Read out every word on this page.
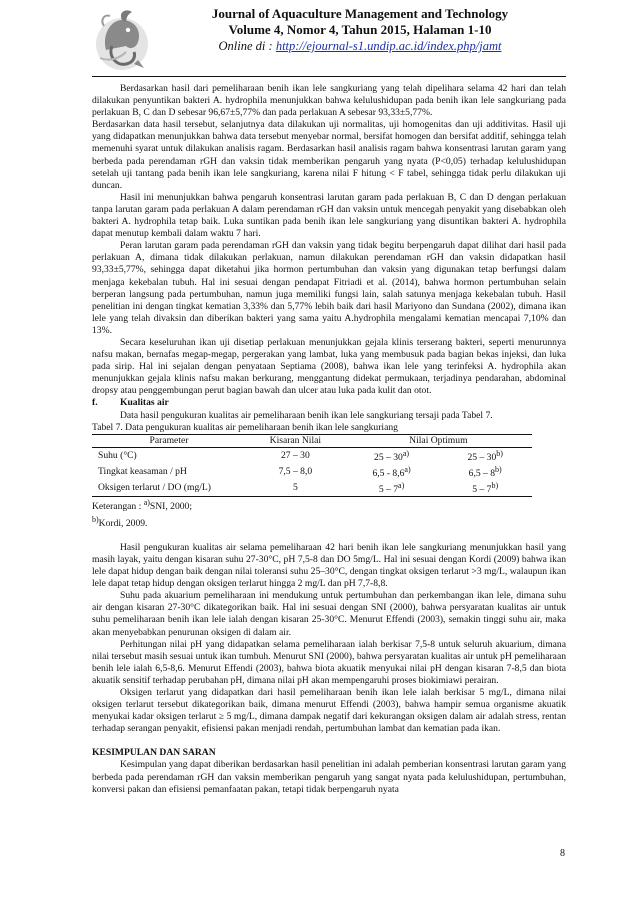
Journal of Aquaculture Management and Technology
Volume 4, Nomor 4, Tahun 2015, Halaman 1-10
Online di : http://ejournal-s1.undip.ac.id/index.php/jamt

Berdasarkan hasil dari pemeliharaan benih ikan lele sangkuriang yang telah dipelihara selama 42 hari dan telah dilakukan penyuntikan bakteri A. hydrophila menunjukkan bahwa kelulushidupan pada benih ikan lele sangkuriang pada perlakuan B, C dan D sebesar 96,67±5,77% dan pada perlakuan A sebesar 93,33±5,77%.

Berdasarkan data hasil tersebut, selanjutnya data dilakukan uji normalitas, uji homogenitas dan uji additivitas. Hasil uji yang didapatkan menunjukkan bahwa data tersebut menyebar normal, bersifat homogen dan bersifat additif, sehingga telah memenuhi syarat untuk dilakukan analisis ragam. Berdasarkan hasil analisis ragam bahwa konsentrasi larutan garam yang berbeda pada perendaman rGH dan vaksin tidak memberikan pengaruh yang nyata (P<0,05) terhadap kelulushidupan setelah uji tantang pada benih ikan lele sangkuriang, karena nilai F hitung < F tabel, sehingga tidak perlu dilakukan uji duncan.

Hasil ini menunjukkan bahwa pengaruh konsentrasi larutan garam pada perlakuan B, C dan D dengan perlakuan tanpa larutan garam pada perlakuan A dalam perendaman rGH dan vaksin untuk mencegah penyakit yang disebabkan oleh bakteri A. hydrophila tetap baik. Luka suntikan pada benih ikan lele sangkuriang yang disuntikan bakteri A. hydrophila dapat menutup kembali dalam waktu 7 hari.

Peran larutan garam pada perendaman rGH dan vaksin yang tidak begitu berpengaruh dapat dilihat dari hasil pada perlakuan A, dimana tidak dilakukan perlakuan, namun dilakukan perendaman rGH dan vaksin didapatkan hasil 93,33±5,77%, sehingga dapat diketahui jika hormon pertumbuhan dan vaksin yang digunakan tetap berfungsi dalam menjaga kekebalan tubuh. Hal ini sesuai dengan pendapat Fitriadi et al. (2014), bahwa hormon pertumbuhan selain berperan langsung pada pertumbuhan, namun juga memiliki fungsi lain, salah satunya menjaga kekebalan tubuh. Hasil penelitian ini dengan tingkat kematian 3,33% dan 5,77% lebih baik dari hasil Mariyono dan Sundana (2002), dimana ikan lele yang telah divaksin dan diberikan bakteri yang sama yaitu A.hydrophila mengalami kematian mencapai 7,10% dan 13%.

Secara keseluruhan ikan uji disetiap perlakuan menunjukkan gejala klinis terserang bakteri, seperti menurunnya nafsu makan, bernafas megap-megap, pergerakan yang lambat, luka yang membusuk pada bagian bekas injeksi, dan luka pada sirip. Hal ini sejalan dengan penyataan Septiama (2008), bahwa ikan lele yang terinfeksi A. hydrophila akan menunjukkan gejala klinis nafsu makan berkurang, menggantung didekat permukaan, terjadinya pendarahan, abdominal dropsy atau penggembungan perut bagian bawah dan ulcer atau luka pada kulit dan otot.

f. Kualitas air

Data hasil pengukuran kualitas air pemeliharaan benih ikan lele sangkuriang tersaji pada Tabel 7.

Tabel 7. Data pengukuran kualitas air pemeliharaan benih ikan lele sangkuriang

Parameter	Kisaran Nilai	Nilai Optimum	
Suhu (°C)	27 – 30	25 – 30$^{a)}$	25 – 30$^{b)}$
Tingkat keasaman / pH	7,5 – 8,0	6,5 - 8,6$^{a)}$	6,5 – 8$^{b)}$
Oksigen terlarut / DO (mg/L)	5	5 – 7$^{a)}$	5 – 7$^{b)}$

Keterangan : $^{a)}$SNI, 2000;

$^{b)}$Kordi, 2009.

Hasil pengukuran kualitas air selama pemeliharaan 42 hari benih ikan lele sangkuriang menunjukkan hasil yang masih layak, yaitu dengan kisaran suhu 27-30°C, pH 7,5-8 dan DO 5mg/L. Hal ini sesuai dengan Kordi (2009) bahwa ikan lele dapat hidup dengan baik dengan nilai toleransi suhu 25–30°C, dengan tingkat oksigen terlarut >3 mg/L, walaupun ikan lele dapat tetap hidup dengan oksigen terlarut hingga 2 mg/L dan pH 7,7-8,8.

Suhu pada akuarium pemeliharaan ini mendukung untuk pertumbuhan dan perkembangan ikan lele, dimana suhu air dengan kisaran 27-30°C dikategorikan baik. Hal ini sesuai dengan SNI (2000), bahwa persyaratan kualitas air untuk suhu pemeliharaan benih ikan lele ialah dengan kisaran 25-30°C. Menurut Effendi (2003), semakin tinggi suhu air, maka akan menyebabkan penurunan oksigen di dalam air.

Perhitungan nilai pH yang didapatkan selama pemeliharaan ialah berkisar 7,5-8 untuk seluruh akuarium, dimana nilai tersebut masih sesuai untuk ikan tumbuh. Menurut SNI (2000), bahwa persyaratan kualitas air untuk pH pemeliharaan benih lele ialah 6,5-8,6. Menurut Effendi (2003), bahwa biota akuatik menyukai nilai pH dengan kisaran 7-8,5 dan biota akuatik sensitif terhadap perubahan pH, dimana nilai pH akan mempengaruhi proses biokimiawi perairan.

Oksigen terlarut yang didapatkan dari hasil pemeliharaan benih ikan lele ialah berkisar 5 mg/L, dimana nilai oksigen terlarut tersebut dikategorikan baik, dimana menurut Effendi (2003), bahwa hampir semua organisme akuatik menyukai kadar oksigen terlarut ≥ 5 mg/L, dimana dampak negatif dari kekurangan oksigen dalam air adalah stress, rentan terhadap serangan penyakit, efisiensi pakan menjadi rendah, pertumbuhan lambat dan kematian pada ikan.

KESIMPULAN DAN SARAN

Kesimpulan yang dapat diberikan berdasarkan hasil penelitian ini adalah pemberian konsentrasi larutan garam yang berbeda pada perendaman rGH dan vaksin memberikan pengaruh yang sangat nyata pada kelulushidupan, pertumbuhan, konversi pakan dan efisiensi pemanfaatan pakan, tetapi tidak berpengaruh nyata

8
